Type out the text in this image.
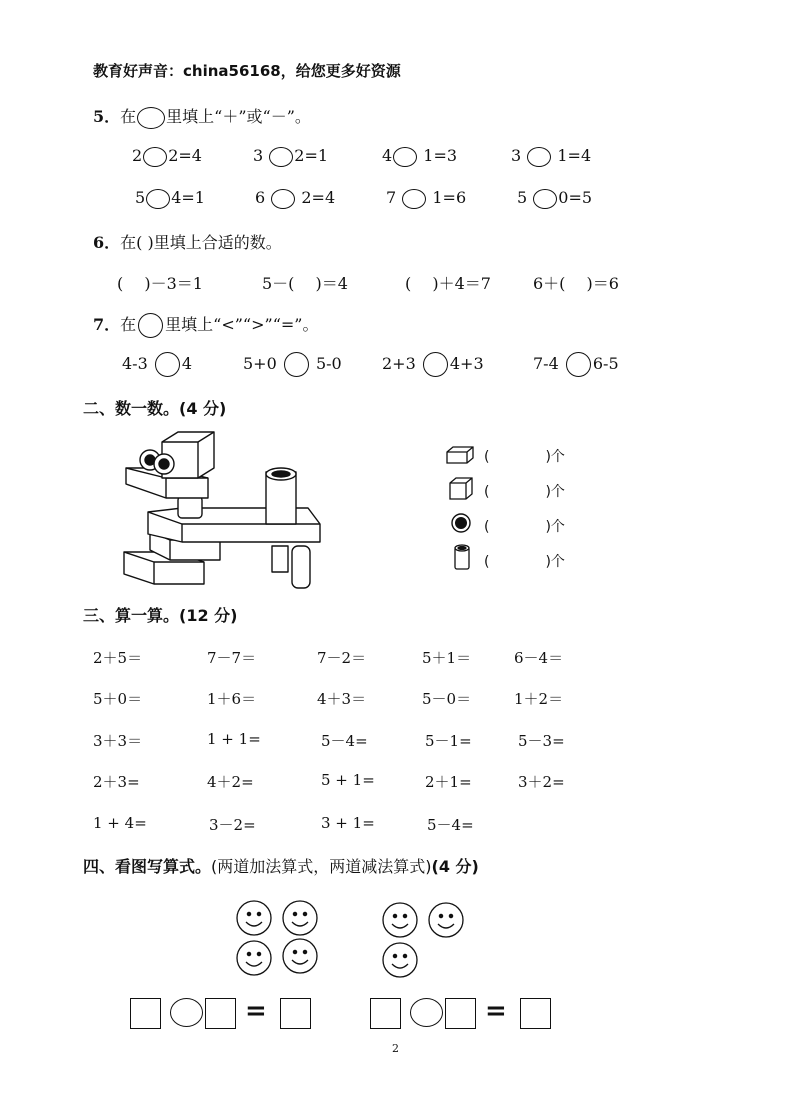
教育好声音：china56168，给您更多好资源
5．在 里填上“＋”或“－”。
2 2=4	3 2=1	4 1=3	3 1=4
5 4=1	6 2=4	7 1=6	5 0=5
6．在( )里填上合适的数。
(　 )－3＝1	5－(　 )＝4	(　 )＋4＝7	6＋(　 )＝6
7．在 里填上“<”“>”“=”。
4-3 4	5+0 5-0	2+3 4+3	7-4 6-5
二、数一数。(4 分)
(	)个
(	)个
(	)个
(	)个
三、算一算。(12 分)
2＋5＝	7－7＝	7－2＝	5＋1＝	6－4＝
5＋0＝	1＋6＝	4＋3＝	5－0＝	1＋2＝
3＋3＝	1 + 1=	5－4=	5－1=	5－3=
2＋3=	4＋2=	5 + 1=	2＋1=	3＋2=
1 + 4=	3－2=	3 + 1=	5－4=
四、看图写算式。(两道加法算式，两道减法算式)(4 分)
=	=
2
